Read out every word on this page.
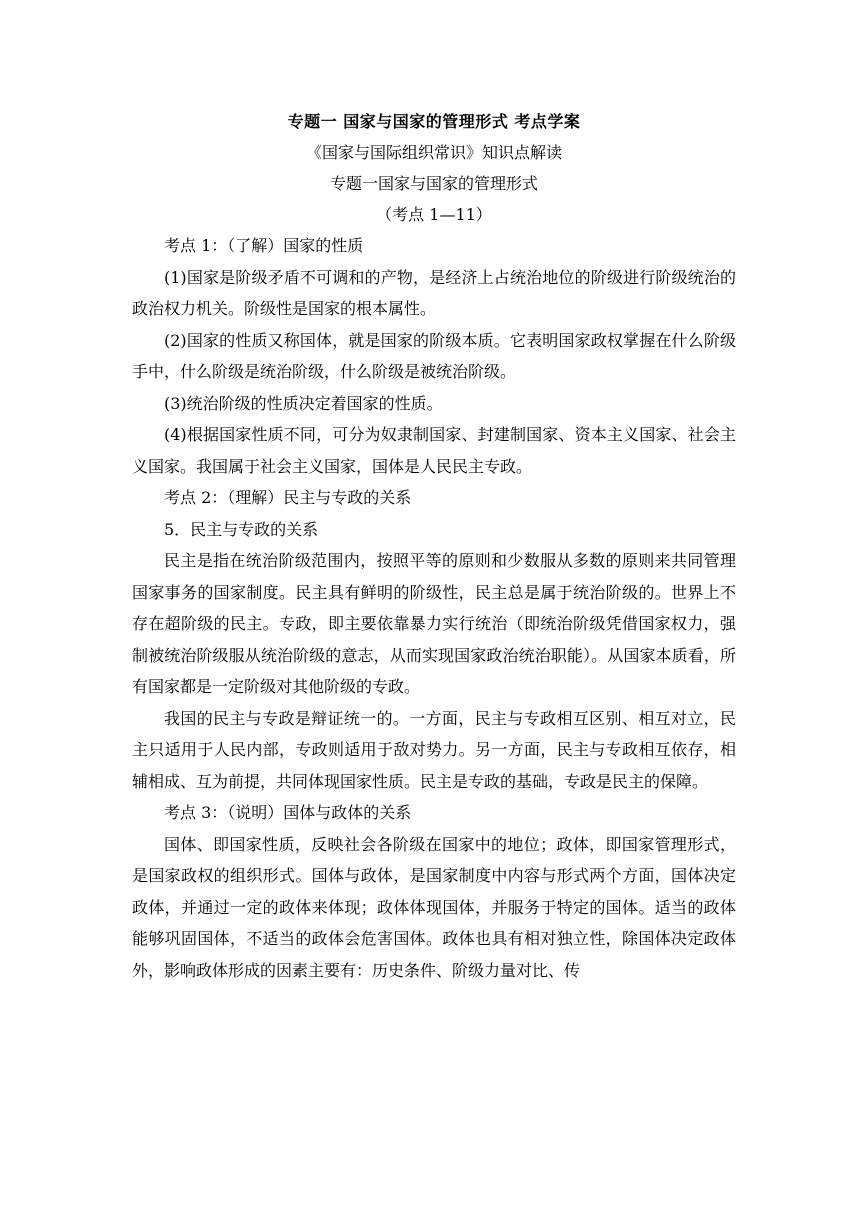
专题一 国家与国家的管理形式 考点学案
《国家与国际组织常识》知识点解读
专题一国家与国家的管理形式
（考点 1—11）
考点 1：（了解）国家的性质

(1)国家是阶级矛盾不可调和的产物，是经济上占统治地位的阶级进行阶级统治的政治权力机关。阶级性是国家的根本属性。

(2)国家的性质又称国体，就是国家的阶级本质。它表明国家政权掌握在什么阶级手中，什么阶级是统治阶级，什么阶级是被统治阶级。

(3)统治阶级的性质决定着国家的性质。

(4)根据国家性质不同，可分为奴隶制国家、封建制国家、资本主义国家、社会主义国家。我国属于社会主义国家，国体是人民民主专政。

考点 2：（理解）民主与专政的关系
5．民主与专政的关系

民主是指在统治阶级范围内，按照平等的原则和少数服从多数的原则来共同管理国家事务的国家制度。民主具有鲜明的阶级性，民主总是属于统治阶级的。世界上不存在超阶级的民主。专政，即主要依靠暴力实行统治（即统治阶级凭借国家权力，强制被统治阶级服从统治阶级的意志，从而实现国家政治统治职能）。从国家本质看，所有国家都是一定阶级对其他阶级的专政。

我国的民主与专政是辩证统一的。一方面，民主与专政相互区别、相互对立，民主只适用于人民内部，专政则适用于敌对势力。另一方面，民主与专政相互依存，相辅相成、互为前提，共同体现国家性质。民主是专政的基础，专政是民主的保障。

考点 3：（说明）国体与政体的关系

国体、即国家性质，反映社会各阶级在国家中的地位；政体，即国家管理形式，是国家政权的组织形式。国体与政体，是国家制度中内容与形式两个方面，国体决定政体，并通过一定的政体来体现；政体体现国体，并服务于特定的国体。适当的政体能够巩固国体，不适当的政体会危害国体。政体也具有相对独立性，除国体决定政体外，影响政体形成的因素主要有：历史条件、阶级力量对比、传
